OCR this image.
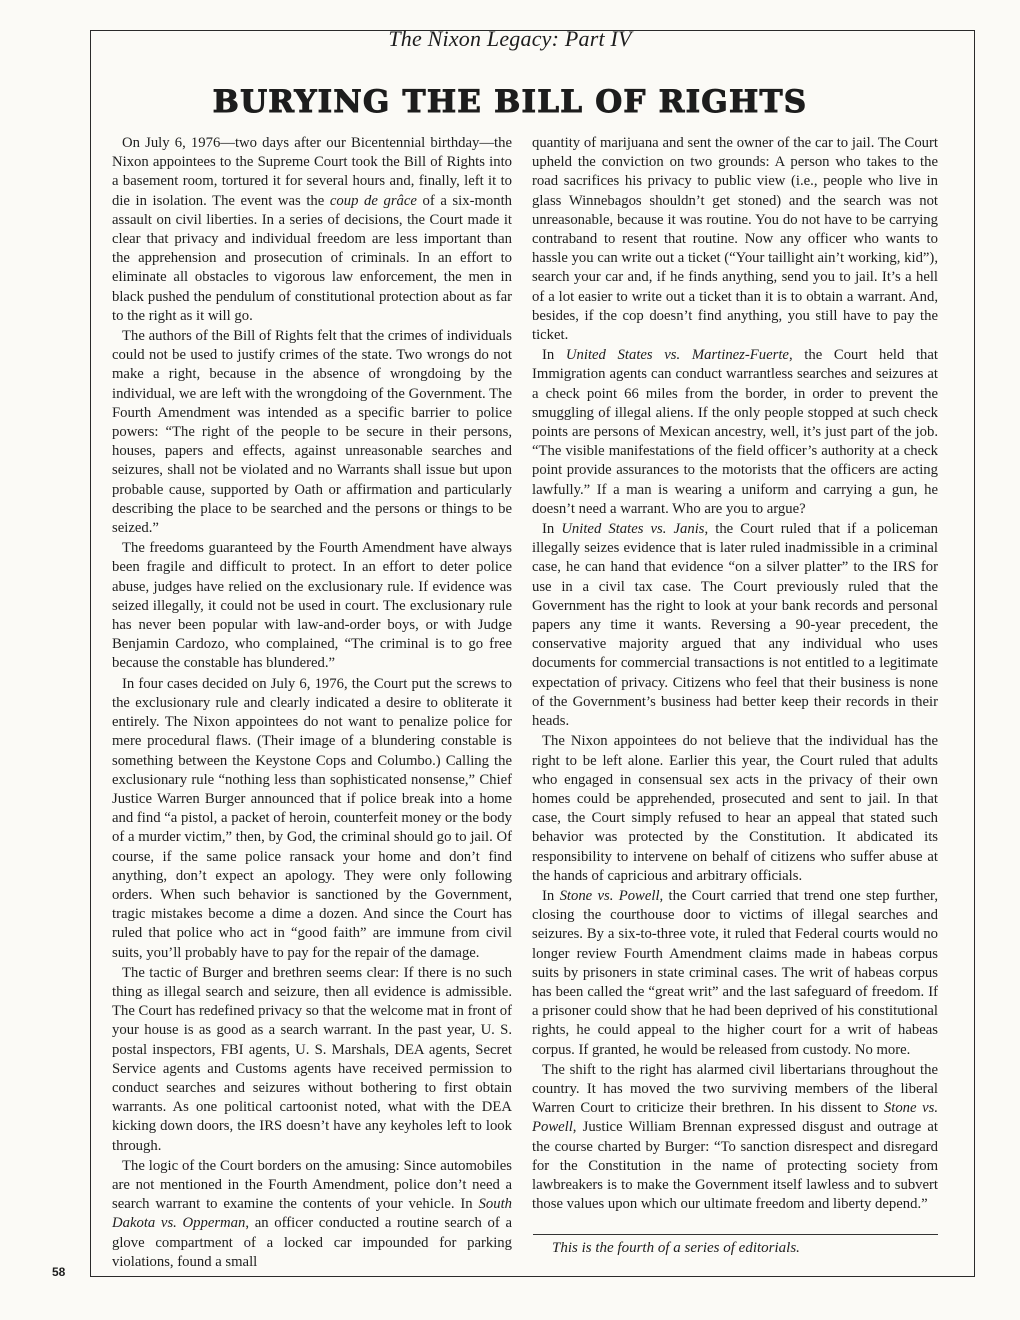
The Nixon Legacy: Part IV
BURYING THE BILL OF RIGHTS

On July 6, 1976—two days after our Bicentennial birthday—the Nixon appointees to the Supreme Court took the Bill of Rights into a basement room, tortured it for several hours and, finally, left it to die in isolation. The event was the coup de grâce of a six-month assault on civil liberties. In a series of decisions, the Court made it clear that privacy and individual freedom are less important than the apprehension and prosecution of criminals. In an effort to eliminate all obstacles to vigorous law enforcement, the men in black pushed the pendulum of constitutional protection about as far to the right as it will go.

The authors of the Bill of Rights felt that the crimes of individuals could not be used to justify crimes of the state. Two wrongs do not make a right, because in the absence of wrongdoing by the individual, we are left with the wrongdoing of the Government. The Fourth Amendment was intended as a specific barrier to police powers: “The right of the people to be secure in their persons, houses, papers and effects, against unreasonable searches and seizures, shall not be violated and no Warrants shall issue but upon probable cause, supported by Oath or affirmation and particularly describing the place to be searched and the persons or things to be seized.”

The freedoms guaranteed by the Fourth Amendment have always been fragile and difficult to protect. In an effort to deter police abuse, judges have relied on the exclusionary rule. If evidence was seized illegally, it could not be used in court. The exclusionary rule has never been popular with law-and-order boys, or with Judge Benjamin Cardozo, who complained, “The criminal is to go free because the constable has blundered.”

In four cases decided on July 6, 1976, the Court put the screws to the exclusionary rule and clearly indicated a desire to obliterate it entirely. The Nixon appointees do not want to penalize police for mere procedural flaws. (Their image of a blundering constable is something between the Keystone Cops and Columbo.) Calling the exclusionary rule “nothing less than sophisticated nonsense,” Chief Justice Warren Burger announced that if police break into a home and find “a pistol, a packet of heroin, counterfeit money or the body of a murder victim,” then, by God, the criminal should go to jail. Of course, if the same police ransack your home and don’t find anything, don’t expect an apology. They were only following orders. When such behavior is sanctioned by the Government, tragic mistakes become a dime a dozen. And since the Court has ruled that police who act in “good faith” are immune from civil suits, you’ll probably have to pay for the repair of the damage.

The tactic of Burger and brethren seems clear: If there is no such thing as illegal search and seizure, then all evidence is admissible. The Court has redefined privacy so that the welcome mat in front of your house is as good as a search warrant. In the past year, U. S. postal inspectors, FBI agents, U. S. Marshals, DEA agents, Secret Service agents and Customs agents have received permission to conduct searches and seizures without bothering to first obtain warrants. As one political cartoonist noted, what with the DEA kicking down doors, the IRS doesn’t have any keyholes left to look through.

The logic of the Court borders on the amusing: Since automobiles are not mentioned in the Fourth Amendment, police don’t need a search warrant to examine the contents of your vehicle. In South Dakota vs. Opperman, an officer conducted a routine search of a glove compartment of a locked car impounded for parking violations, found a small

quantity of marijuana and sent the owner of the car to jail. The Court upheld the conviction on two grounds: A person who takes to the road sacrifices his privacy to public view (i.e., people who live in glass Winnebagos shouldn’t get stoned) and the search was not unreasonable, because it was routine. You do not have to be carrying contraband to resent that routine. Now any officer who wants to hassle you can write out a ticket (“Your taillight ain’t working, kid”), search your car and, if he finds anything, send you to jail. It’s a hell of a lot easier to write out a ticket than it is to obtain a warrant. And, besides, if the cop doesn’t find anything, you still have to pay the ticket.

In United States vs. Martinez-Fuerte, the Court held that Immigration agents can conduct warrantless searches and seizures at a check point 66 miles from the border, in order to prevent the smuggling of illegal aliens. If the only people stopped at such check points are persons of Mexican ancestry, well, it’s just part of the job. “The visible manifestations of the field officer’s authority at a check point provide assurances to the motorists that the officers are acting lawfully.” If a man is wearing a uniform and carrying a gun, he doesn’t need a warrant. Who are you to argue?

In United States vs. Janis, the Court ruled that if a policeman illegally seizes evidence that is later ruled inadmissible in a criminal case, he can hand that evidence “on a silver platter” to the IRS for use in a civil tax case. The Court previously ruled that the Government has the right to look at your bank records and personal papers any time it wants. Reversing a 90-year precedent, the conservative majority argued that any individual who uses documents for commercial transactions is not entitled to a legitimate expectation of privacy. Citizens who feel that their business is none of the Government’s business had better keep their records in their heads.

The Nixon appointees do not believe that the individual has the right to be left alone. Earlier this year, the Court ruled that adults who engaged in consensual sex acts in the privacy of their own homes could be apprehended, prosecuted and sent to jail. In that case, the Court simply refused to hear an appeal that stated such behavior was protected by the Constitution. It abdicated its responsibility to intervene on behalf of citizens who suffer abuse at the hands of capricious and arbitrary officials.

In Stone vs. Powell, the Court carried that trend one step further, closing the courthouse door to victims of illegal searches and seizures. By a six-to-three vote, it ruled that Federal courts would no longer review Fourth Amendment claims made in habeas corpus suits by prisoners in state criminal cases. The writ of habeas corpus has been called the “great writ” and the last safeguard of freedom. If a prisoner could show that he had been deprived of his constitutional rights, he could appeal to the higher court for a writ of habeas corpus. If granted, he would be released from custody. No more.

The shift to the right has alarmed civil libertarians throughout the country. It has moved the two surviving members of the liberal Warren Court to criticize their brethren. In his dissent to Stone vs. Powell, Justice William Brennan expressed disgust and outrage at the course charted by Burger: “To sanction disrespect and disregard for the Constitution in the name of protecting society from lawbreakers is to make the Government itself lawless and to subvert those values upon which our ultimate freedom and liberty depend.”

This is the fourth of a series of editorials.
58
